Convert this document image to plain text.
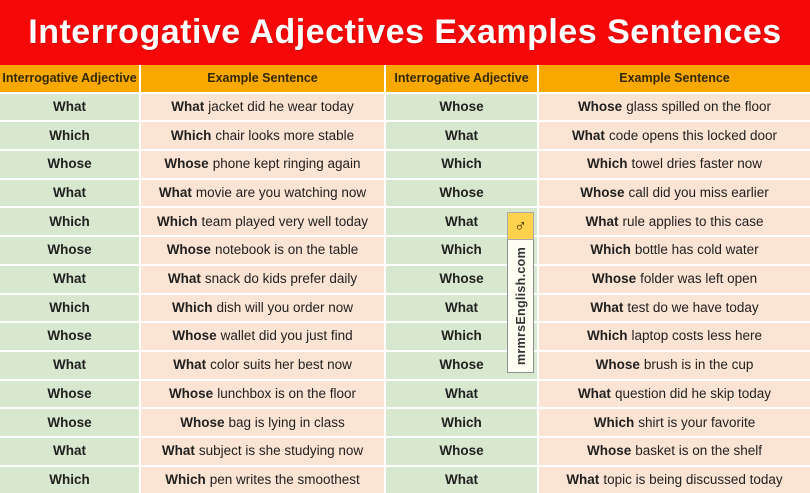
Interrogative Adjectives Examples Sentences
Interrogative Adjective	Example Sentence	Interrogative Adjective	Example Sentence
What	What jacket did he wear today	Whose	Whose glass spilled on the floor
Which	Which chair looks more stable	What	What code opens this locked door
Whose	Whose phone kept ringing again	Which	Which towel dries faster now
What	What movie are you watching now	Whose	Whose call did you miss earlier
Which	Which team played very well today	What	What rule applies to this case
Whose	Whose notebook is on the table	Which	Which bottle has cold water
What	What snack do kids prefer daily	Whose	Whose folder was left open
Which	Which dish will you order now	What	What test do we have today
Whose	Whose wallet did you just find	Which	Which laptop costs less here
What	What color suits her best now	Whose	Whose brush is in the cup
Whose	Whose lunchbox is on the floor	What	What question did he skip today
Whose	Whose bag is lying in class	Which	Which shirt is your favorite
What	What subject is she studying now	Whose	Whose basket is on the shelf
Which	Which pen writes the smoothest	What	What topic is being discussed today
♂
mrmrsEnglish.com
